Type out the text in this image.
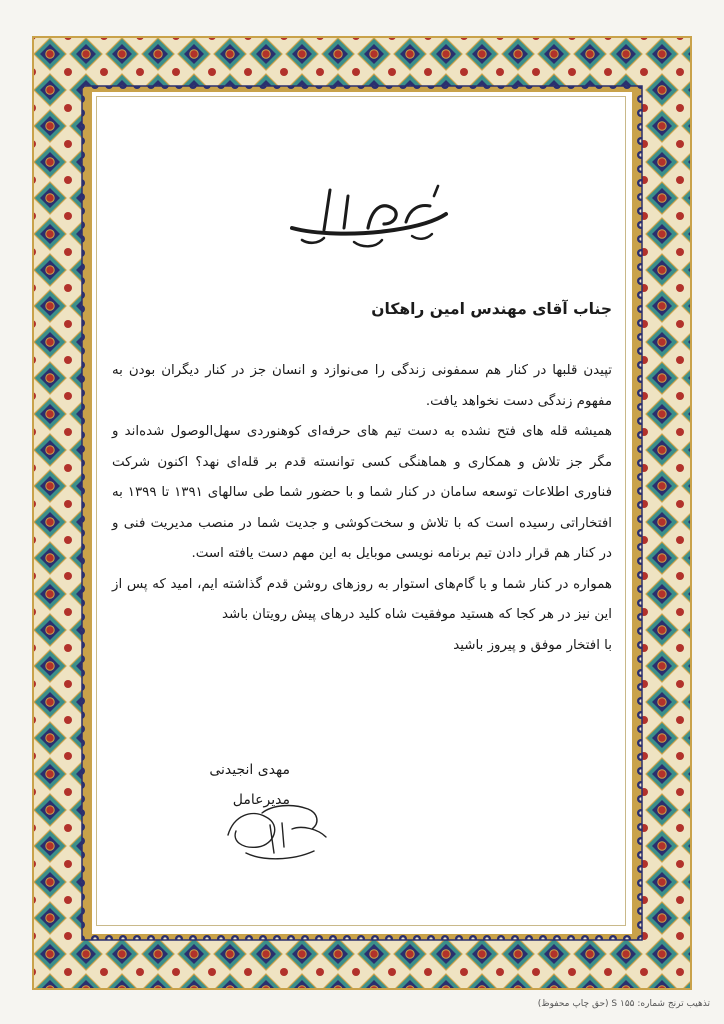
جناب آقای مهندس امین راهکان

تپیدن قلبها در کنار هم سمفونی زندگی را می‌نوازد و انسان جز در کنار دیگران بودن به مفهوم زندگی دست نخواهد یافت.

همیشه قله‌ های فتح نشده به دست تیم‌ های حرفه‌ای کوهنوردی سهل‌الوصول شده‌اند و مگر جز تلاش و همکاری و هماهنگی کسی توانسته قدم بر قله‌ای نهد؟ اکنون شرکت فناوری اطلاعات توسعه سامان در کنار شما و با حضور شما طی سالهای ۱۳۹۱ تا ۱۳۹۹ به افتخاراتی رسیده است که با تلاش و سخت‌کوشی و جدیت شما در منصب مدیریت فنی و در کنار هم قرار دادن تیم برنامه نویسی موبایل به این مهم دست یافته است.

همواره در کنار شما و با گام‌های استوار به روزهای روشن قدم گذاشته ایم، امید که پس از این نیز در هر کجا که هستید موفقیت شاه کلید درهای پیش رویتان باشد

با افتخار موفق و پیروز باشید

مهدی انجیدنی
مدیرعامل
تذهیب ترنج شماره: ۱۵۵ S (حق چاپ محفوظ)
